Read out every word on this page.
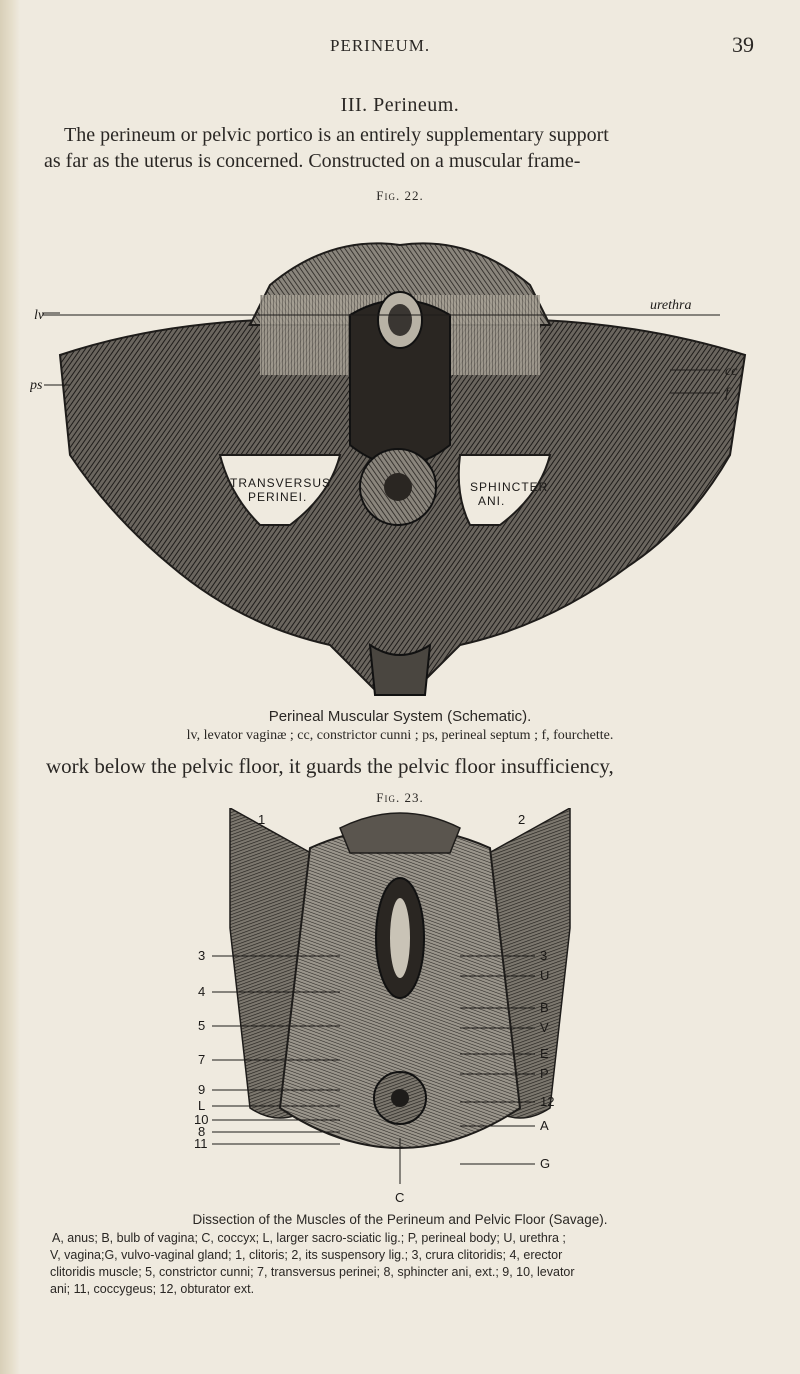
PERINEUM.	39
III. Perineum.
The perineum or pelvic portico is an entirely supplementary support
as far as the uterus is concerned. Constructed on a muscular frame-
Fig. 22.
lv
ps
urethra
cc
f
TRANSVERSUS
PERINEI.
SPHINCTER
ANI.
Perineal Muscular System (Schematic).
lv, levator vaginæ ; cc, constrictor cunni ; ps, perineal septum ; f, fourchette.
work below the pelvic floor, it guards the pelvic floor insufficiency,
Fig. 23.
1	2
C
3
4
5
7
9
L
10
8
11
3
U
B
V
E
P
12
A
G
Dissection of the Muscles of the Perineum and Pelvic Floor (Savage).
A, anus; B, bulb of vagina; C, coccyx; L, larger sacro-sciatic lig.; P, perineal body; U, urethra ;
V, vagina;G, vulvo-vaginal gland; 1, clitoris; 2, its suspensory lig.; 3, crura clitoridis; 4, erector
clitoridis muscle; 5, constrictor cunni; 7, transversus perinei; 8, sphincter ani, ext.; 9, 10, levator
ani; 11, coccygeus; 12, obturator ext.
